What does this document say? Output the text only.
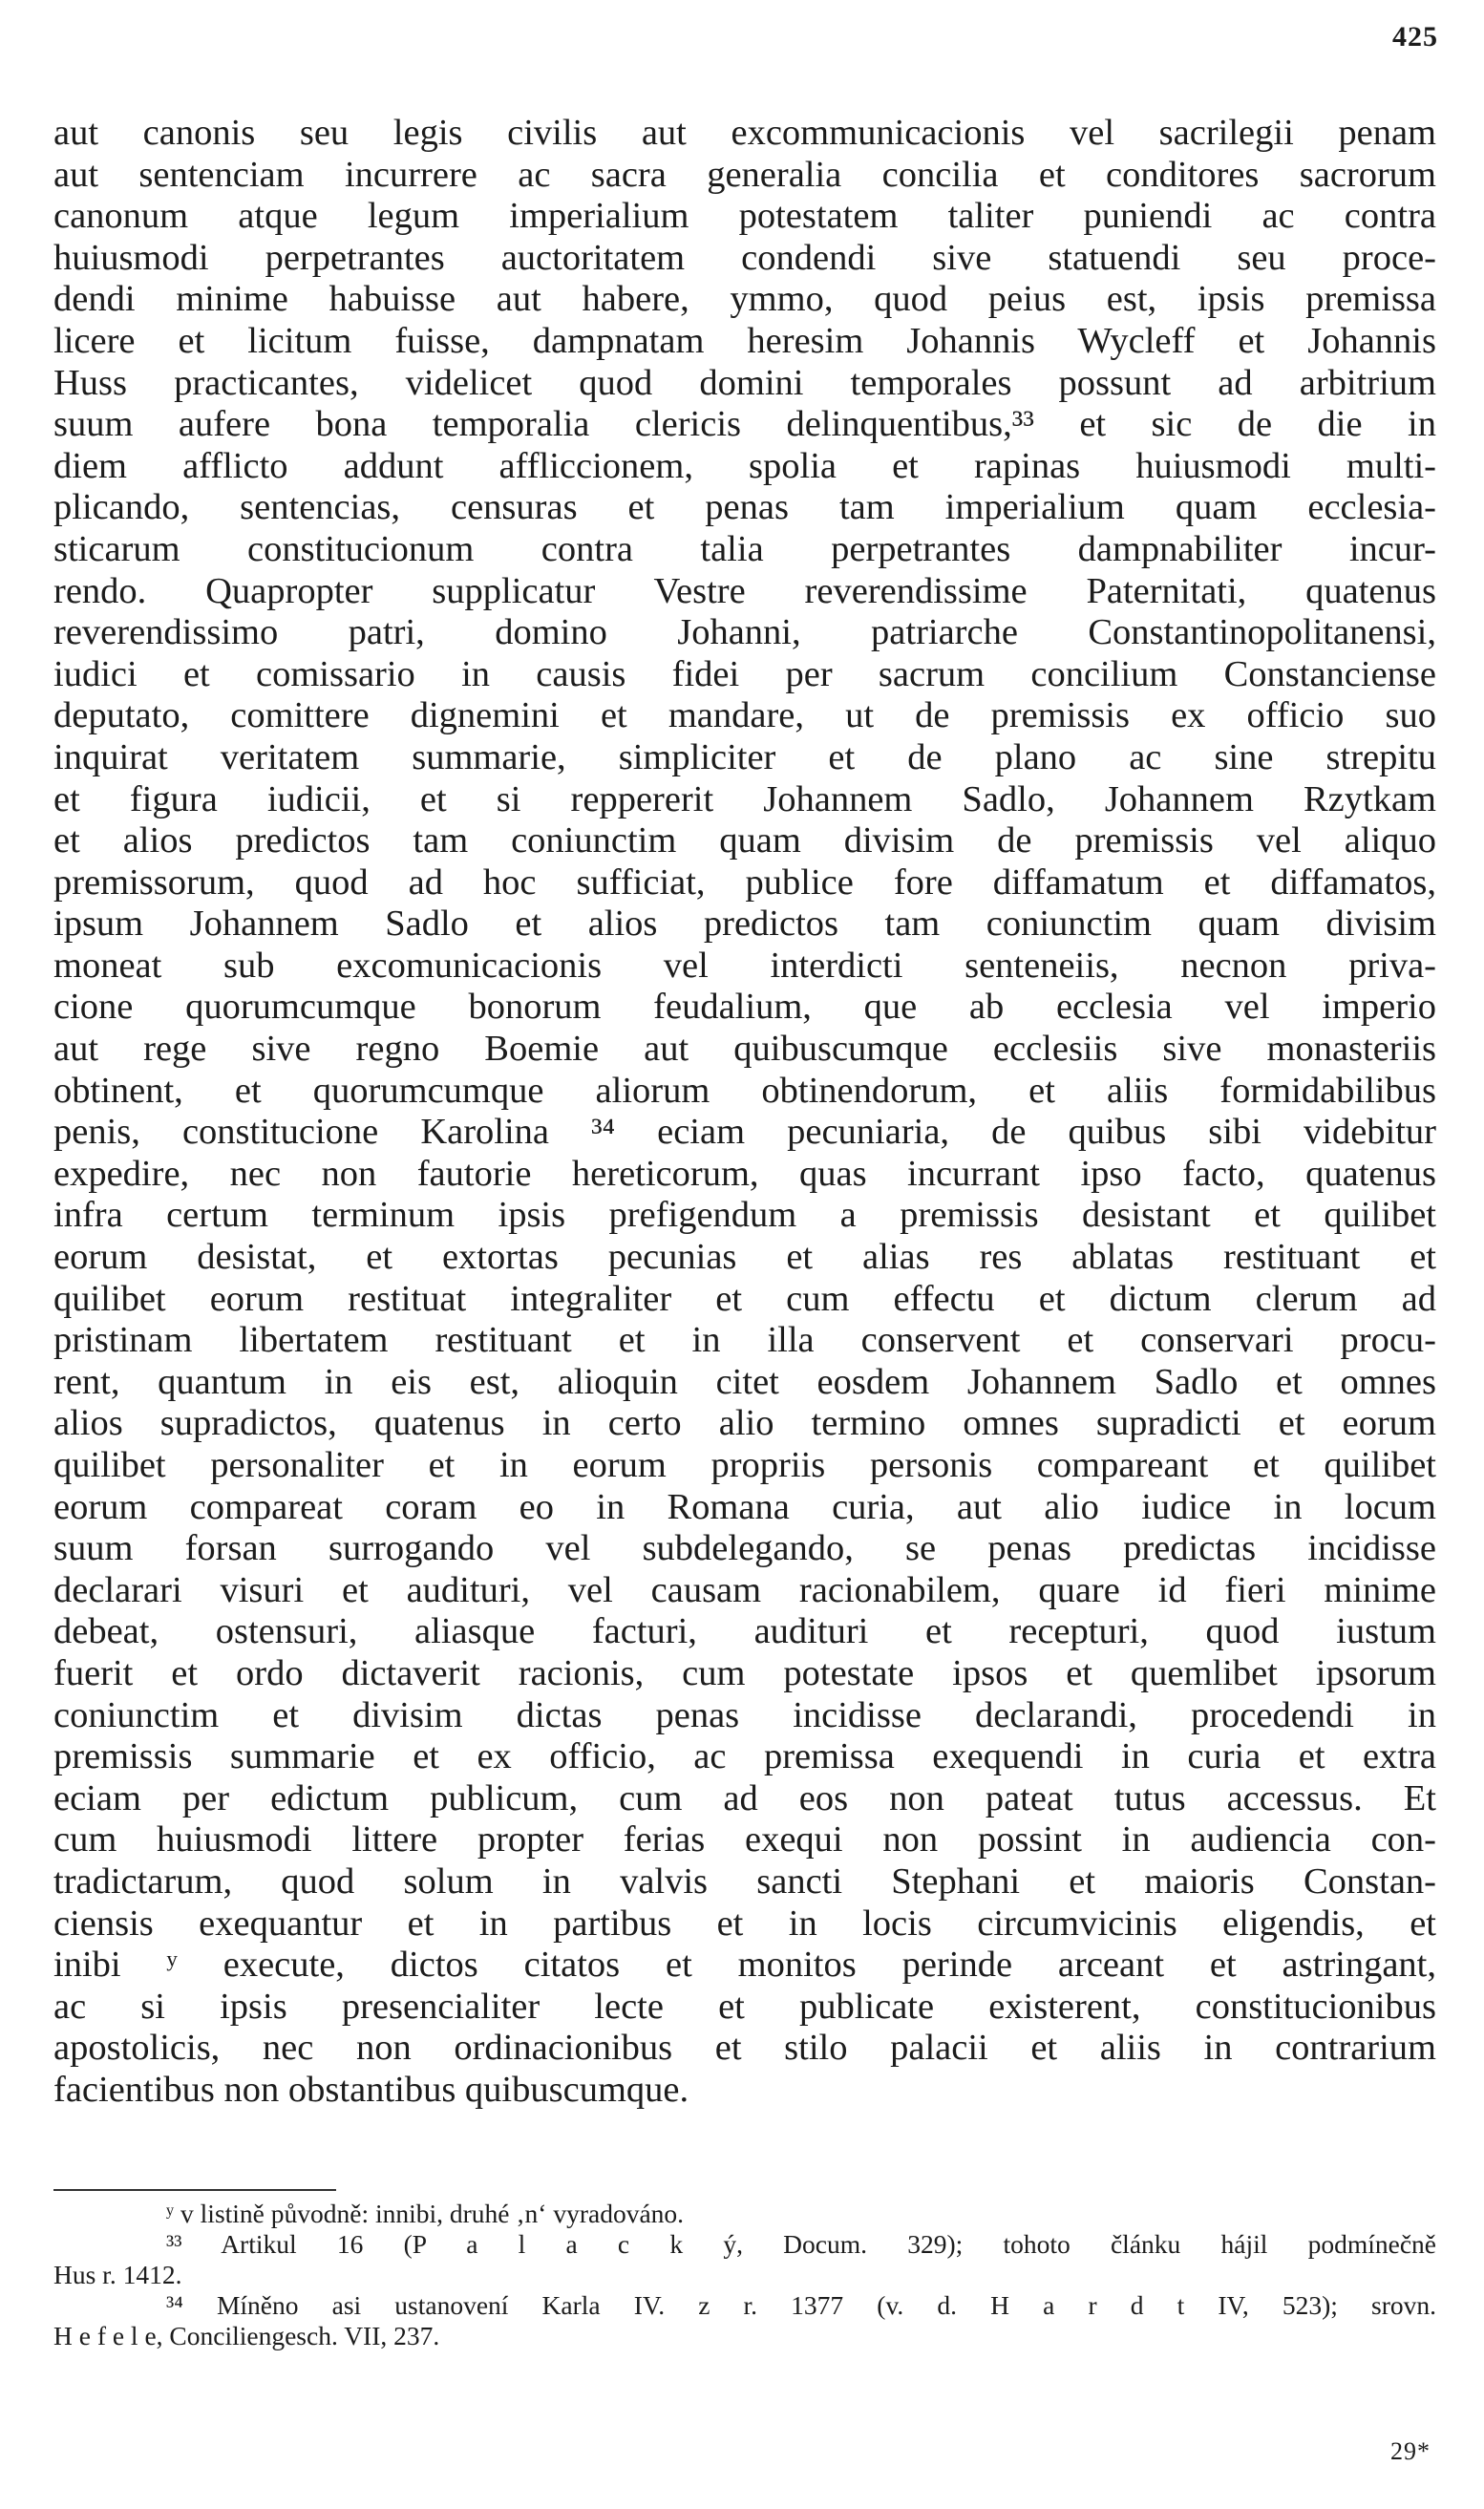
425
aut canonis seu legis civilis aut excommunicacionis vel sacrilegii penam
aut sentenciam incurrere ac sacra generalia concilia et conditores sacrorum
canonum atque legum imperialium potestatem taliter puniendi ac contra
huiusmodi perpetrantes auctoritatem condendi sive statuendi seu proce-
dendi minime habuisse aut habere, ymmo, quod peius est, ipsis premissa
licere et licitum fuisse, dampnatam heresim Johannis Wycleff et Johannis
Huss practicantes, videlicet quod domini temporales possunt ad arbitrium
suum aufere bona temporalia clericis delinquentibus,³³ et sic de die in
diem afflicto addunt affliccionem, spolia et rapinas huiusmodi multi-
plicando, sentencias, censuras et penas tam imperialium quam ecclesia-
sticarum constitucionum contra talia perpetrantes dampnabiliter incur-
rendo. Quapropter supplicatur Vestre reverendissime Paternitati, quatenus
reverendissimo patri, domino Johanni, patriarche Constantinopolitanensi,
iudici et comissario in causis fidei per sacrum concilium Constanciense
deputato, comittere dignemini et mandare, ut de premissis ex officio suo
inquirat veritatem summarie, simpliciter et de plano ac sine strepitu
et figura iudicii, et si reppererit Johannem Sadlo, Johannem Rzytkam
et alios predictos tam coniunctim quam divisim de premissis vel aliquo
premissorum, quod ad hoc sufficiat, publice fore diffamatum et diffamatos,
ipsum Johannem Sadlo et alios predictos tam coniunctim quam divisim
moneat sub excomunicacionis vel interdicti senteneiis, necnon priva-
cione quorumcumque bonorum feudalium, que ab ecclesia vel imperio
aut rege sive regno Boemie aut quibuscumque ecclesiis sive monasteriis
obtinent, et quorumcumque aliorum obtinendorum, et aliis formidabilibus
penis, constitucione Karolina ³⁴ eciam pecuniaria, de quibus sibi videbitur
expedire, nec non fautorie hereticorum, quas incurrant ipso facto, quatenus
infra certum terminum ipsis prefigendum a premissis desistant et quilibet
eorum desistat, et extortas pecunias et alias res ablatas restituant et
quilibet eorum restituat integraliter et cum effectu et dictum clerum ad
pristinam libertatem restituant et in illa conservent et conservari procu-
rent, quantum in eis est, alioquin citet eosdem Johannem Sadlo et omnes
alios supradictos, quatenus in certo alio termino omnes supradicti et eorum
quilibet personaliter et in eorum propriis personis compareant et quilibet
eorum compareat coram eo in Romana curia, aut alio iudice in locum
suum forsan surrogando vel subdelegando, se penas predictas incidisse
declarari visuri et audituri, vel causam racionabilem, quare id fieri minime
debeat, ostensuri, aliasque facturi, audituri et recepturi, quod iustum
fuerit et ordo dictaverit racionis, cum potestate ipsos et quemlibet ipsorum
coniunctim et divisim dictas penas incidisse declarandi, procedendi in
premissis summarie et ex officio, ac premissa exequendi in curia et extra
eciam per edictum publicum, cum ad eos non pateat tutus accessus. Et
cum huiusmodi littere propter ferias exequi non possint in audiencia con-
tradictarum, quod solum in valvis sancti Stephani et maioris Constan-
ciensis exequantur et in partibus et in locis circumvicinis eligendis, et
inibi ʸ execute, dictos citatos et monitos perinde arceant et astringant,
ac si ipsis presencialiter lecte et publicate existerent, constitucionibus
apostolicis, nec non ordinacionibus et stilo palacii et aliis in contrarium
facientibus non obstantibus quibuscumque.
ʸ v listině původně: innibi, druhé ‚n‘ vyradováno.
³³ Artikul 16 (P a l a c k ý, Docum. 329); tohoto článku hájil podmínečně
Hus r. 1412.
³⁴ Míněno asi ustanovení Karla IV. z r. 1377 (v. d. H a r d t IV, 523); srovn.
H e f e l e, Conciliengesch. VII, 237.
29*
